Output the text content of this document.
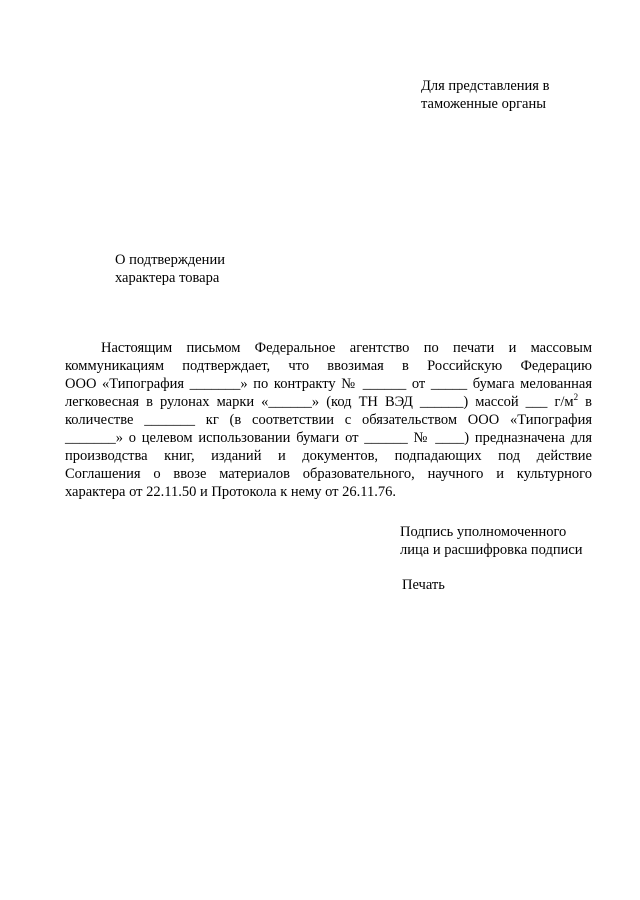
Для представления в
таможенные органы
О подтверждении
характера товара
Настоящим письмом Федеральное агентство по печати и массовым
коммуникациям подтверждает, что ввозимая в Российскую Федерацию
ООО «Типография _______» по контракту № ______ от _____ бумага мелованная
легковесная в рулонах марки «______» (код ТН ВЭД ______) массой ___ $г/м^2$ в
количестве _______ кг (в соответствии с обязательством ООО «Типография
_______» о целевом использовании бумаги от ______ № ____) предназначена для
производства книг, изданий и документов, подпадающих под действие
Соглашения о ввозе материалов образовательного, научного и культурного
характера от 22.11.50 и Протокола к нему от 26.11.76.
Подпись уполномоченного
лица и расшифровка подписи
Печать
